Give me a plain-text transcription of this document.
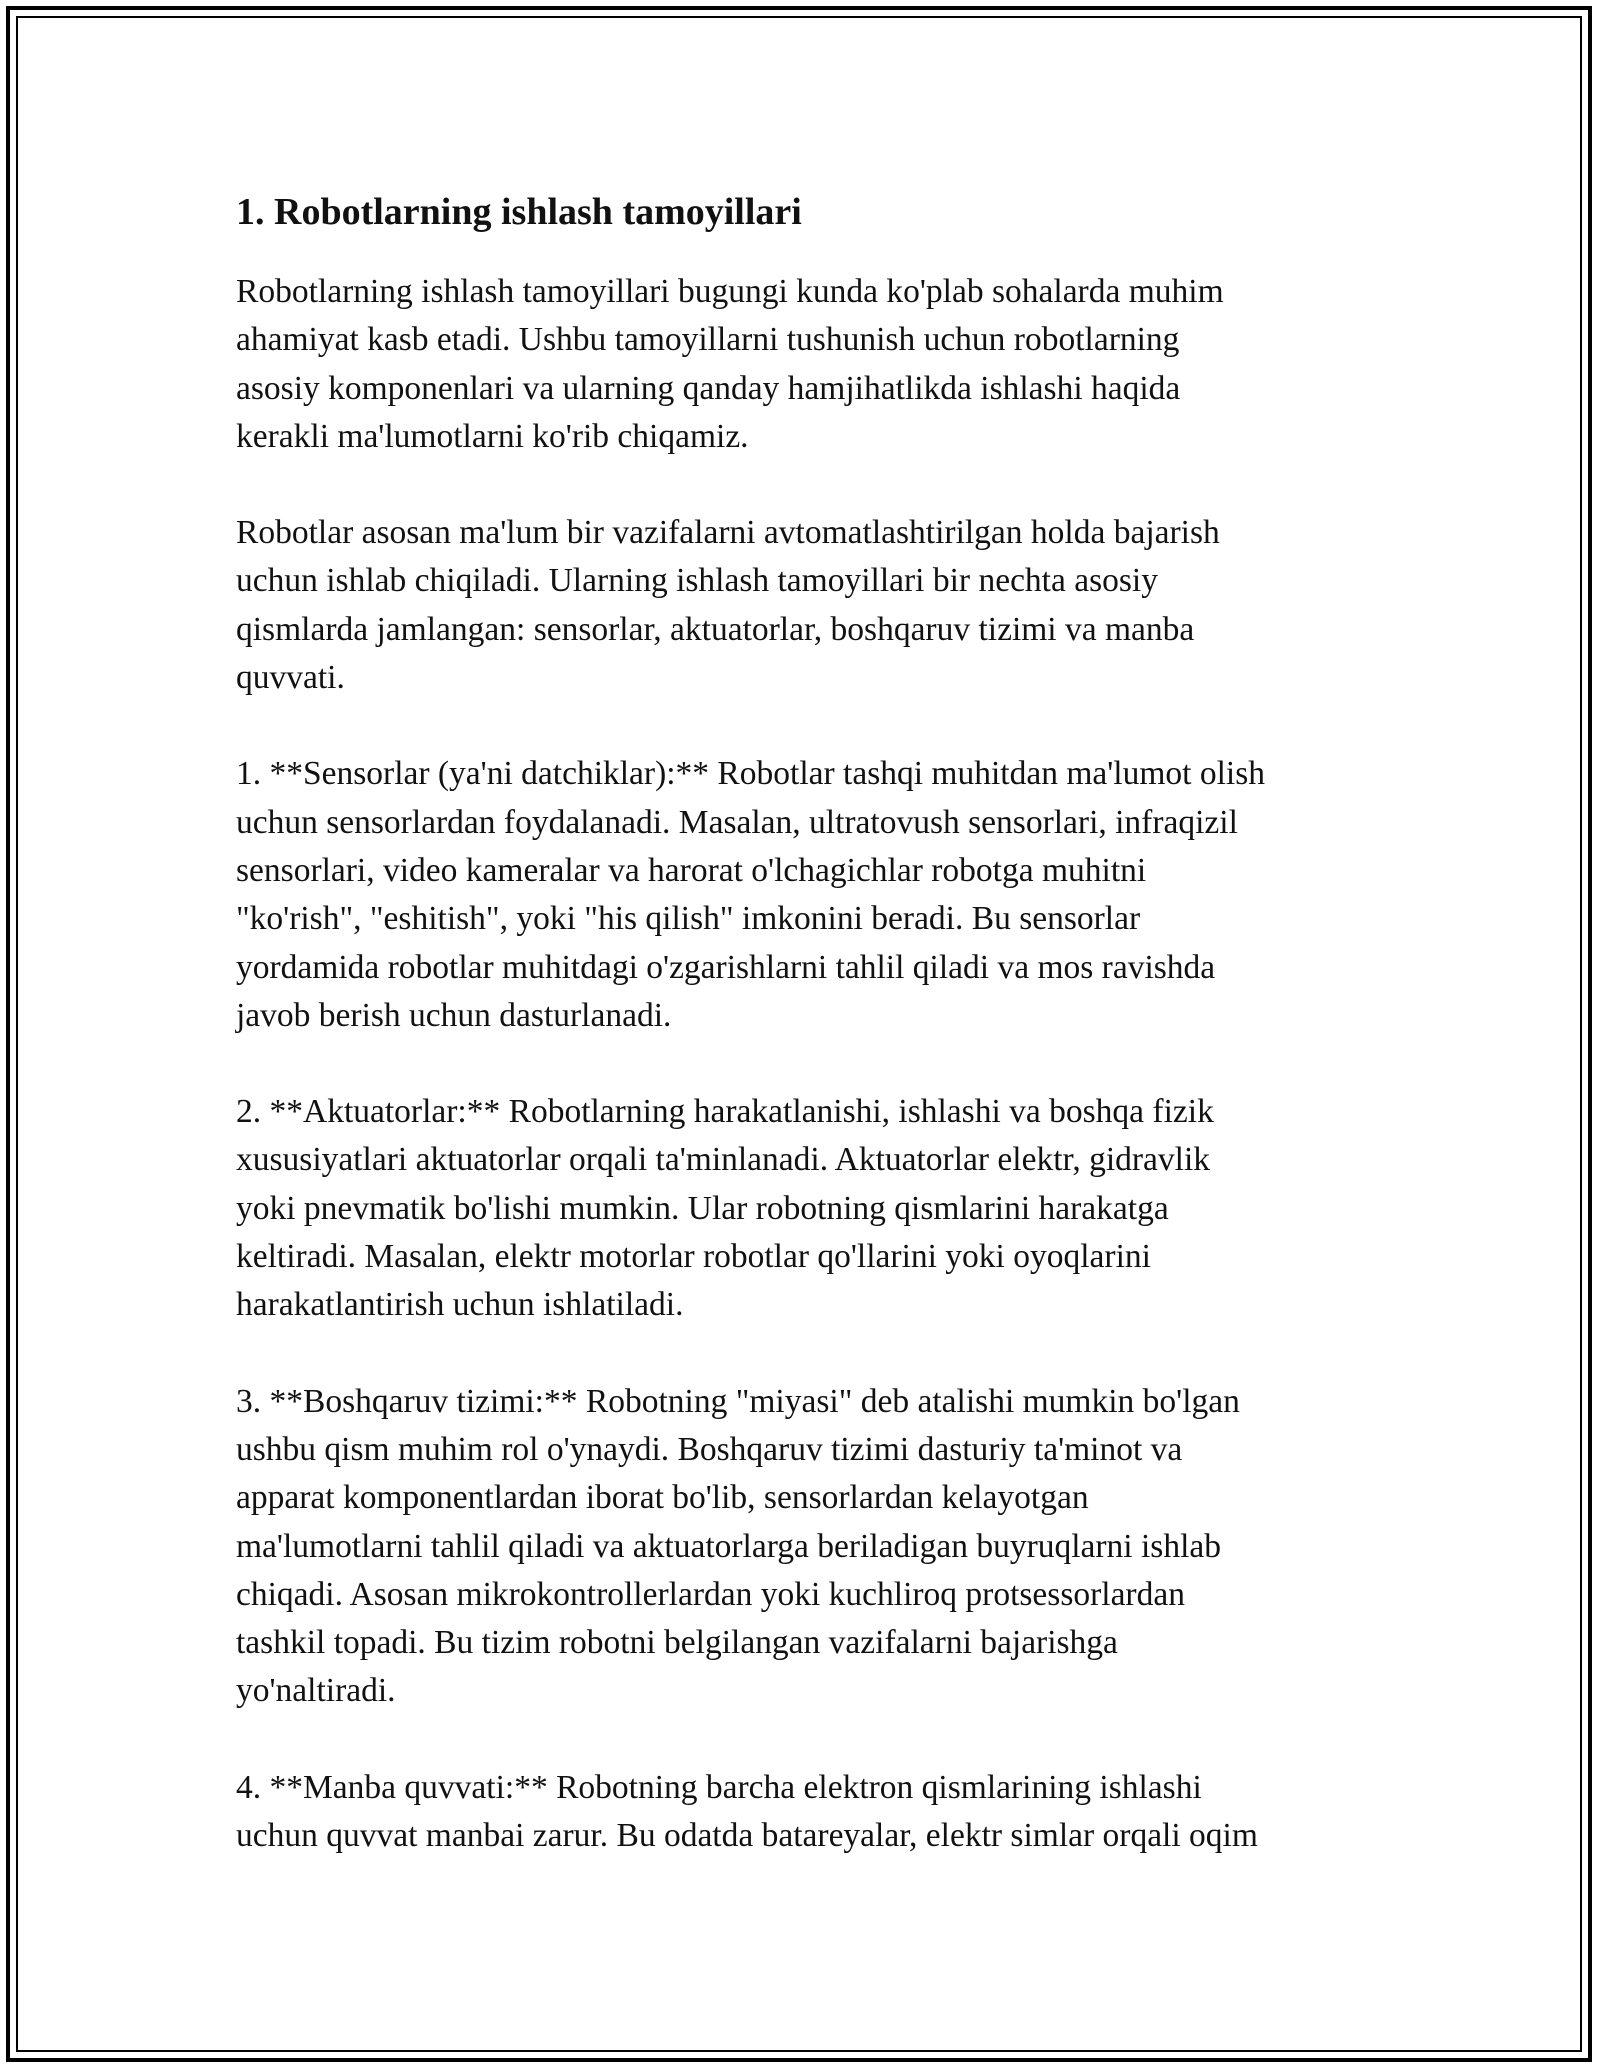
1. Robotlarning ishlash tamoyillari

Robotlarning ishlash tamoyillari bugungi kunda ko'plab sohalarda muhim
ahamiyat kasb etadi. Ushbu tamoyillarni tushunish uchun robotlarning
asosiy komponenlari va ularning qanday hamjihatlikda ishlashi haqida
kerakli ma'lumotlarni ko'rib chiqamiz.

Robotlar asosan ma'lum bir vazifalarni avtomatlashtirilgan holda bajarish
uchun ishlab chiqiladi. Ularning ishlash tamoyillari bir nechta asosiy
qismlarda jamlangan: sensorlar, aktuatorlar, boshqaruv tizimi va manba
quvvati.

1. **Sensorlar (ya'ni datchiklar):** Robotlar tashqi muhitdan ma'lumot olish
uchun sensorlardan foydalanadi. Masalan, ultratovush sensorlari, infraqizil
sensorlari, video kameralar va harorat o'lchagichlar robotga muhitni
"ko'rish", "eshitish", yoki "his qilish" imkonini beradi. Bu sensorlar
yordamida robotlar muhitdagi o'zgarishlarni tahlil qiladi va mos ravishda
javob berish uchun dasturlanadi.

2. **Aktuatorlar:** Robotlarning harakatlanishi, ishlashi va boshqa fizik
xususiyatlari aktuatorlar orqali ta'minlanadi. Aktuatorlar elektr, gidravlik
yoki pnevmatik bo'lishi mumkin. Ular robotning qismlarini harakatga
keltiradi. Masalan, elektr motorlar robotlar qo'llarini yoki oyoqlarini
harakatlantirish uchun ishlatiladi.

3. **Boshqaruv tizimi:** Robotning "miyasi" deb atalishi mumkin bo'lgan
ushbu qism muhim rol o'ynaydi. Boshqaruv tizimi dasturiy ta'minot va
apparat komponentlardan iborat bo'lib, sensorlardan kelayotgan
ma'lumotlarni tahlil qiladi va aktuatorlarga beriladigan buyruqlarni ishlab
chiqadi. Asosan mikrokontrollerlardan yoki kuchliroq protsessorlardan
tashkil topadi. Bu tizim robotni belgilangan vazifalarni bajarishga
yo'naltiradi.

4. **Manba quvvati:** Robotning barcha elektron qismlarining ishlashi
uchun quvvat manbai zarur. Bu odatda batareyalar, elektr simlar orqali oqim
